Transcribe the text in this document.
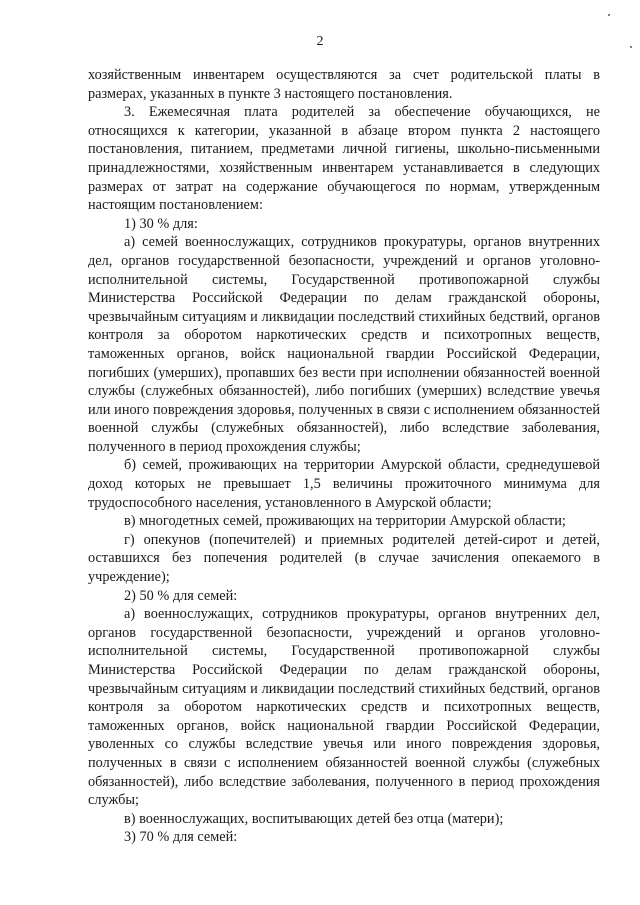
2

хозяйственным инвентарем осуществляются за счет родительской платы в размерах, указанных в пункте 3 настоящего постановления.

3. Ежемесячная плата родителей за обеспечение обучающихся, не относящихся к категории, указанной в абзаце втором пункта 2 настоящего постановления, питанием, предметами личной гигиены, школьно-письменными принадлежностями, хозяйственным инвентарем устанавливается в следующих размерах от затрат на содержание обучающегося по нормам, утвержденным настоящим постановлением:

1) 30 % для:

а) семей военнослужащих, сотрудников прокуратуры, органов внутренних дел, органов государственной безопасности, учреждений и органов уголовно-исполнительной системы, Государственной противопожарной службы Министерства Российской Федерации по делам гражданской обороны, чрезвычайным ситуациям и ликвидации последствий стихийных бедствий, органов контроля за оборотом наркотических средств и психотропных веществ, таможенных органов, войск национальной гвардии Российской Федерации, погибших (умерших), пропавших без вести при исполнении обязанностей военной службы (служебных обязанностей), либо погибших (умерших) вследствие увечья или иного повреждения здоровья, полученных в связи с исполнением обязанностей военной службы (служебных обязанностей), либо вследствие заболевания, полученного в период прохождения службы;

б) семей, проживающих на территории Амурской области, среднедушевой доход которых не превышает 1,5 величины прожиточного минимума для трудоспособного населения, установленного в Амурской области;

в) многодетных семей, проживающих на территории Амурской области;

г) опекунов (попечителей) и приемных родителей детей-сирот и детей, оставшихся без попечения родителей (в случае зачисления опекаемого в учреждение);

2) 50 % для семей:

а) военнослужащих, сотрудников прокуратуры, органов внутренних дел, органов государственной безопасности, учреждений и органов уголовно-исполнительной системы, Государственной противопожарной службы Министерства Российской Федерации по делам гражданской обороны, чрезвычайным ситуациям и ликвидации последствий стихийных бедствий, органов контроля за оборотом наркотических средств и психотропных веществ, таможенных органов, войск национальной гвардии Российской Федерации, уволенных со службы вследствие увечья или иного повреждения здоровья, полученных в связи с исполнением обязанностей военной службы (служебных обязанностей), либо вследствие заболевания, полученного в период прохождения службы;

в) военнослужащих, воспитывающих детей без отца (матери);

3) 70 % для семей:
